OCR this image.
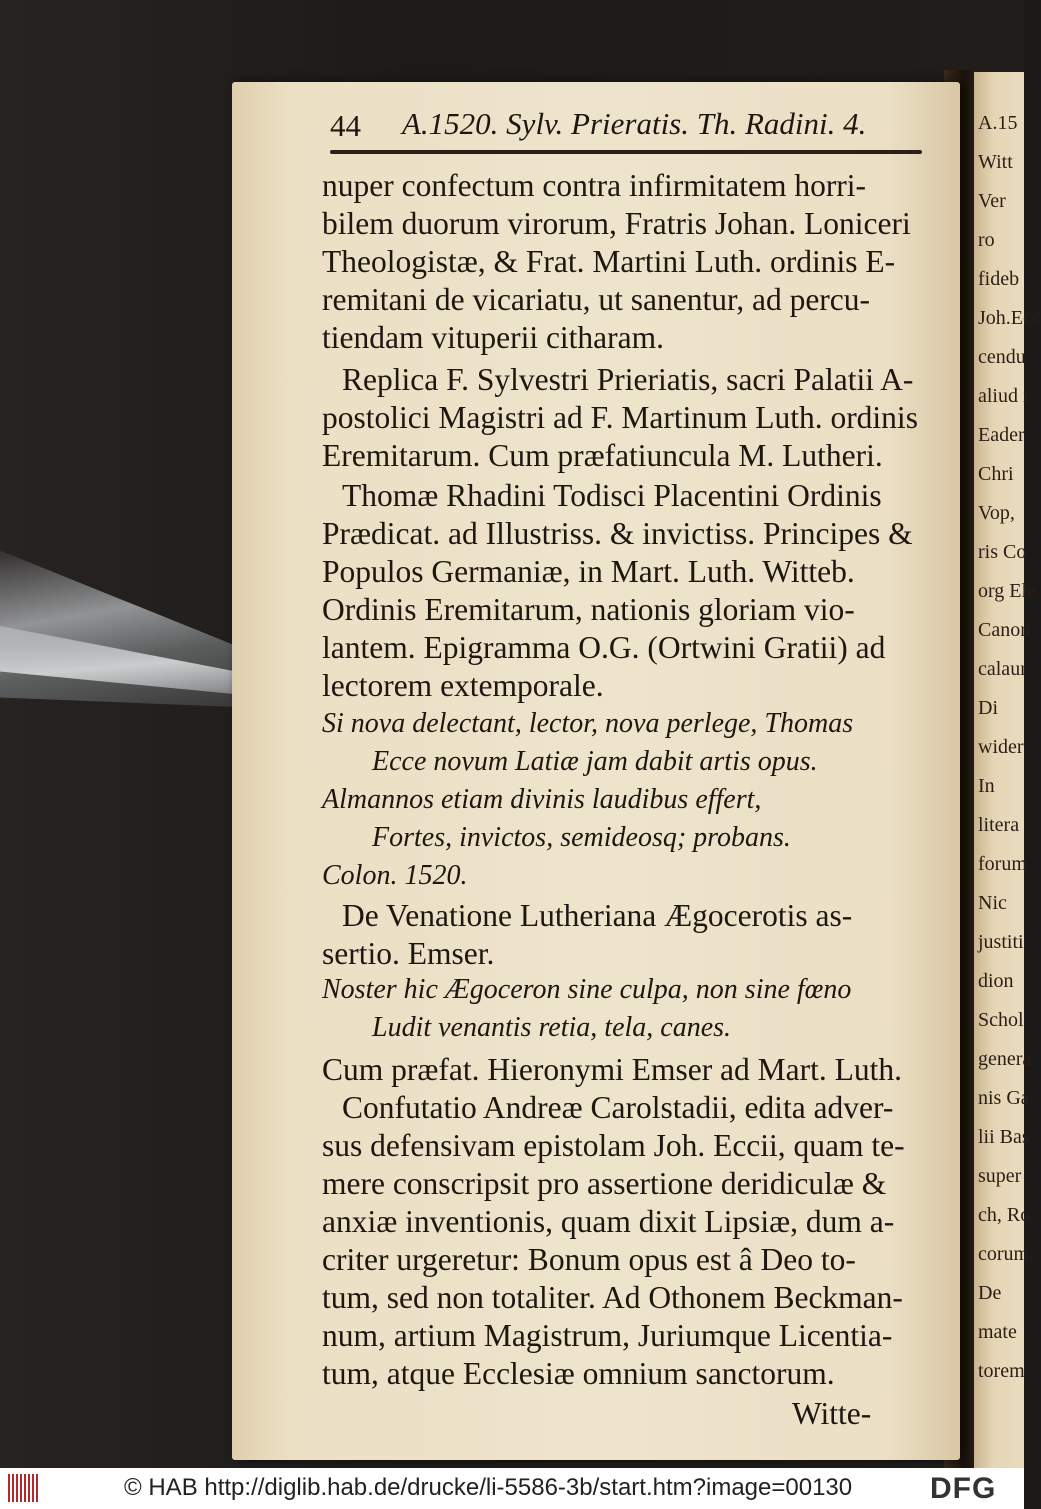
A.15
Witt
Ver
ro
fideb
Joh.Ecc
cendu
aliud i
Eader
Chri
Vop,
ris Co
org Ele
Canon
calaur
Di
wider
In
litera
forum
Nic
justiti
dion
Schol
genera
nis Ga
lii Bas
super
ch, Ro
corum.
De
mate
torem
44 A.1520. Sylv. Prieratis. Th. Radini. 4.
nuper confectum contra infirmitatem horri-
bilem duorum virorum, Fratris Johan. Loniceri
Theologistæ, & Frat. Martini Luth. ordinis E-
remitani de vicariatu, ut sanentur, ad percu-
tiendam vituperii citharam.
Replica F. Sylvestri Prieriatis, sacri Palatii A-
postolici Magistri ad F. Martinum Luth. ordinis
Eremitarum. Cum præfatiuncula M. Lutheri.
Thomæ Rhadini Todisci Placentini Ordinis
Prædicat. ad Illustriss. & invictiss. Principes &
Populos Germaniæ, in Mart. Luth. Witteb.
Ordinis Eremitarum, nationis gloriam vio-
lantem. Epigramma O.G. (Ortwini Gratii) ad
lectorem extemporale.
Si nova delectant, lector, nova perlege, Thomas
Ecce novum Latiæ jam dabit artis opus.
Almannos etiam divinis laudibus effert,
Fortes, invictos, semideosq; probans.
Colon. 1520.
De Venatione Lutheriana Ægocerotis as-
sertio. Emser.
Noster hic Ægoceron sine culpa, non sine fœno
Ludit venantis retia, tela, canes.
Cum præfat. Hieronymi Emser ad Mart. Luth.
Confutatio Andreæ Carolstadii, edita adver-
sus defensivam epistolam Joh. Eccii, quam te-
mere conscripsit pro assertione deridiculæ &
anxiæ inventionis, quam dixit Lipsiæ, dum a-
criter urgeretur: Bonum opus est â Deo to-
tum, sed non totaliter. Ad Othonem Beckman-
num, artium Magistrum, Juriumque Licentia-
tum, atque Ecclesiæ omnium sanctorum.
Witte-
© HAB http://diglib.hab.de/drucke/li-5586-3b/start.htm?image=00130	DFG
